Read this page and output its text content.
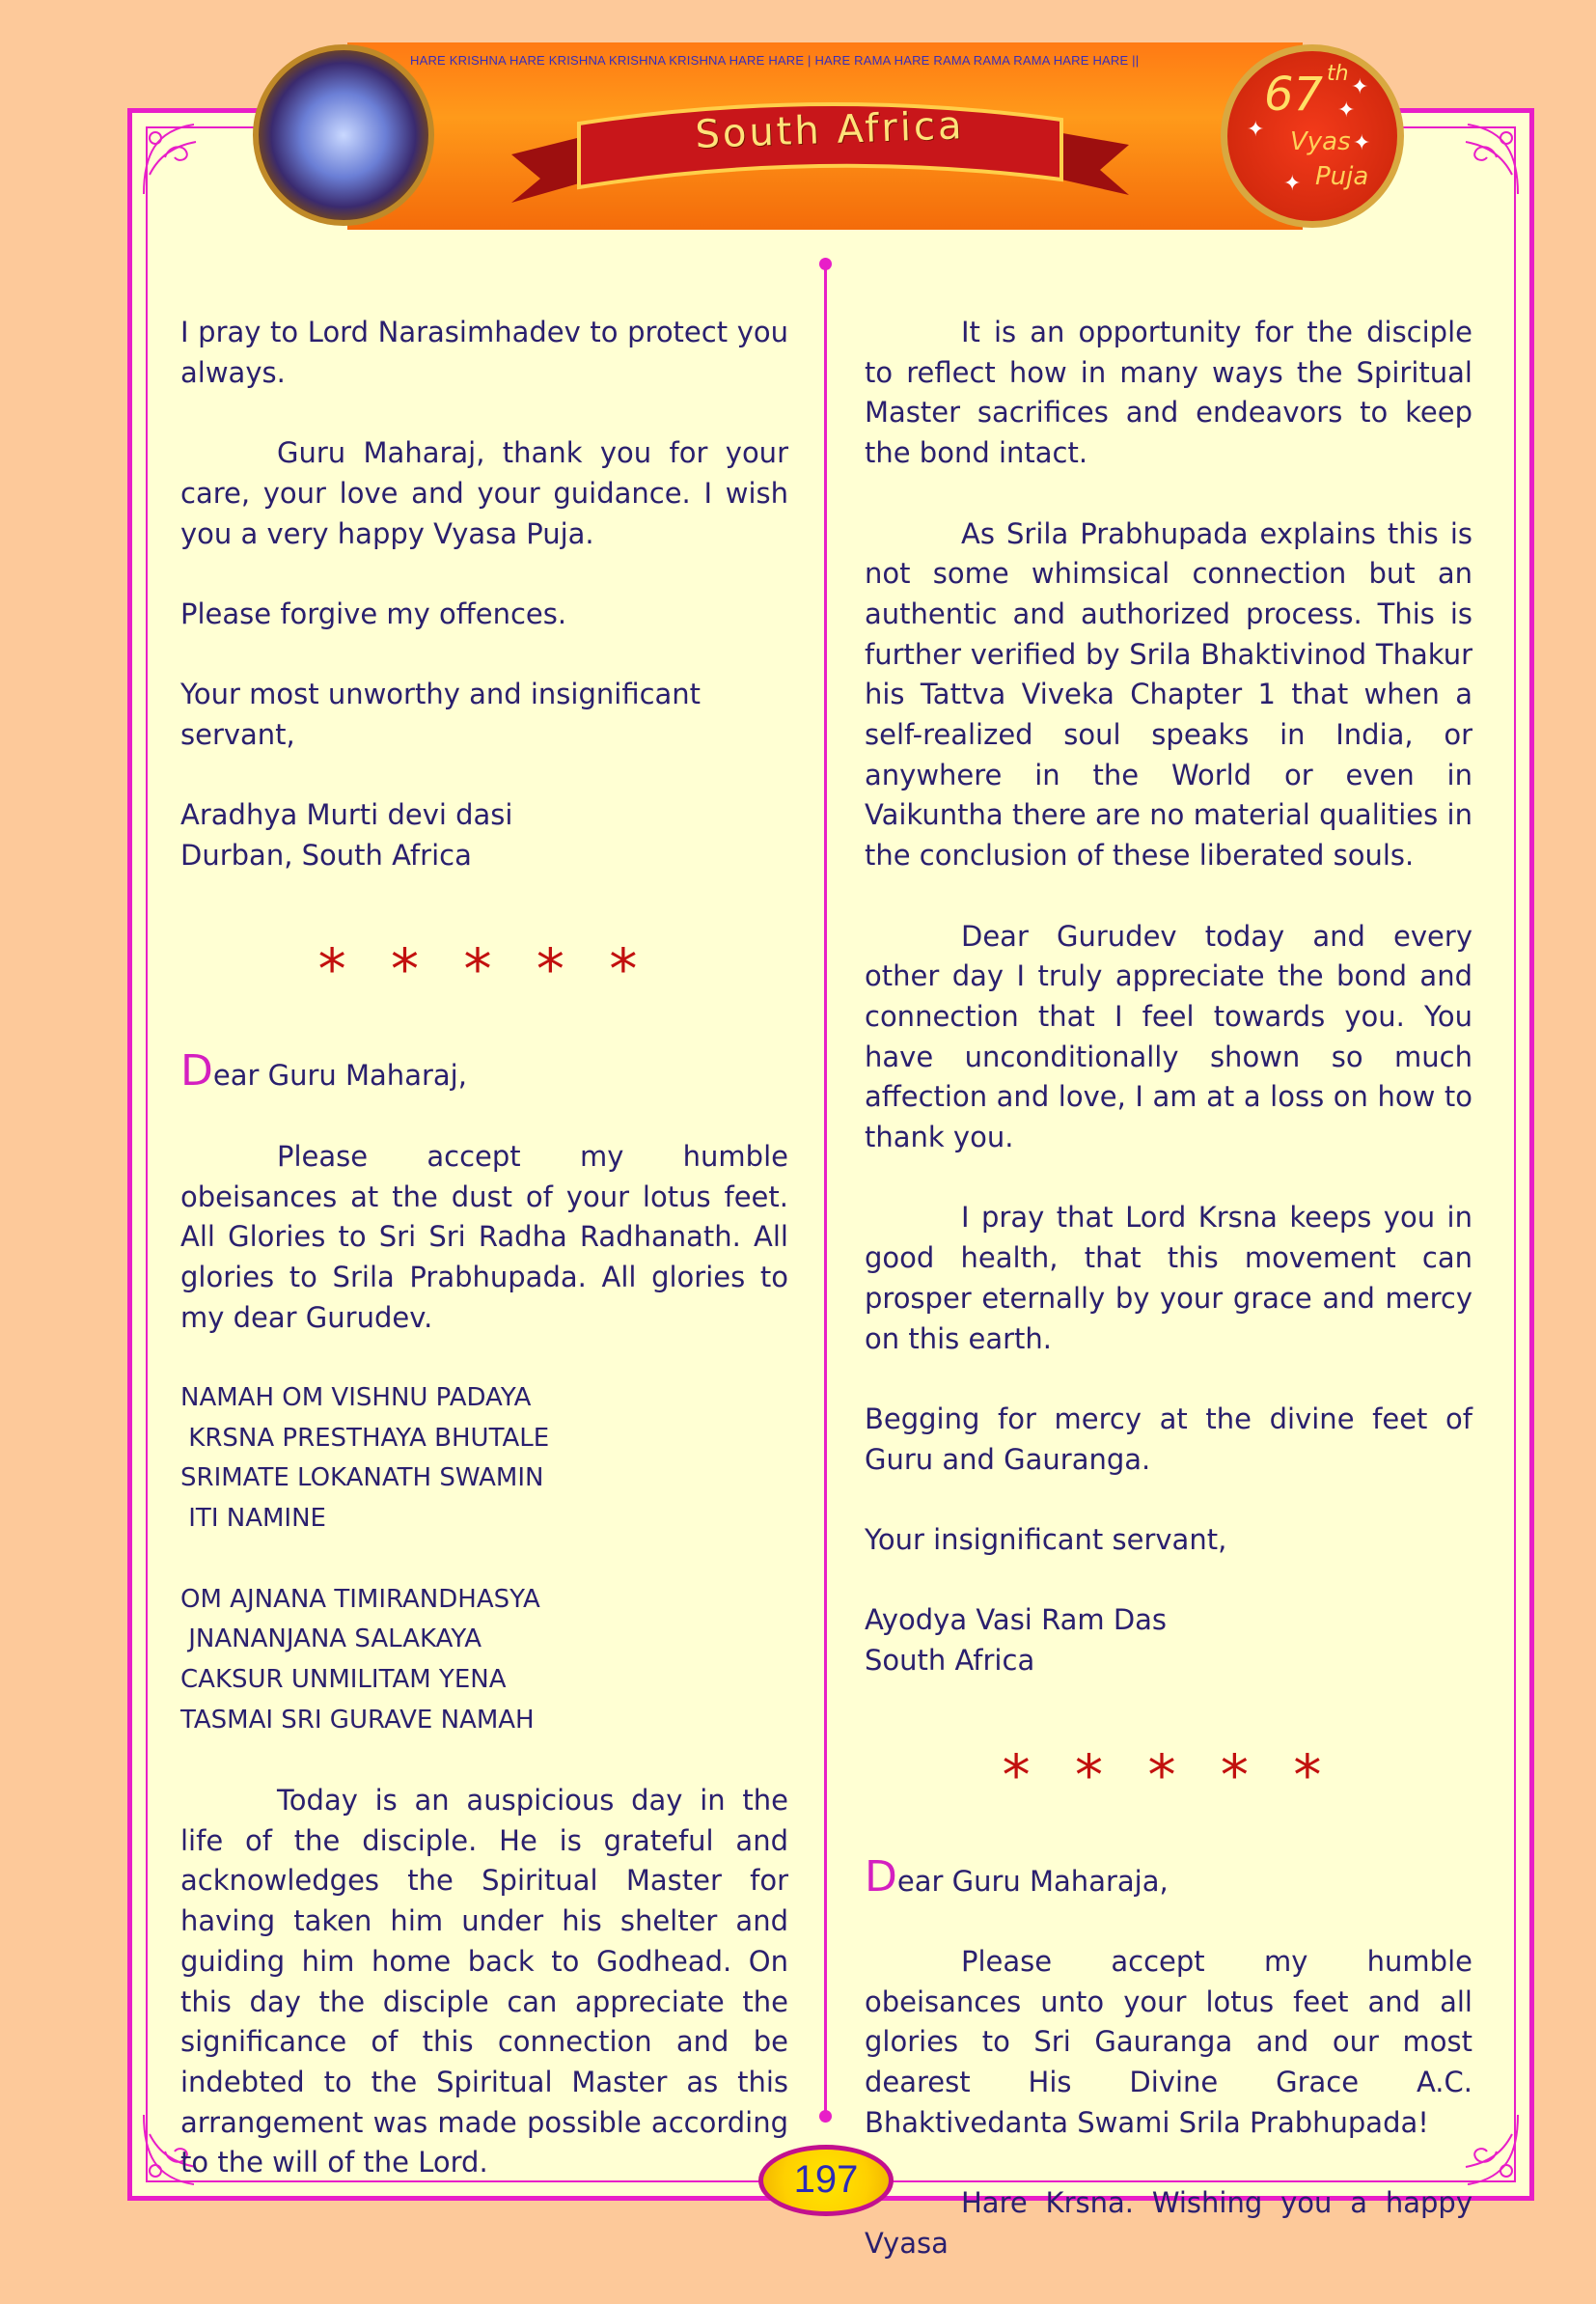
HARE KRISHNA HARE KRISHNA KRISHNA KRISHNA HARE HARE | HARE RAMA HARE RAMA RAMA RAMA HARE HARE ||
South Africa
67 th
Vyas
Puja
✦
✦
✦
✦
✦

I pray to Lord Narasimhadev to protect you always.

Guru Maharaj, thank you for your care, your love and your guidance. I wish you a very happy Vyasa Puja.

Please forgive my offences.

Your most unworthy and insignificant servant,

Aradhya Murti devi dasi
Durban, South Africa

* * * * *

Dear Guru Maharaj,

Please accept my humble obeisances at the dust of your lotus feet. All Glories to Sri Sri Radha Radhanath. All glories to Srila Prabhupada. All glories to my dear Gurudev.

NAMAH OM VISHNU PADAYA
KRSNA PRESTHAYA BHUTALE
SRIMATE LOKANATH SWAMIN
ITI NAMINE
OM AJNANA TIMIRANDHASYA
JNANANJANA SALAKAYA
CAKSUR UNMILITAM YENA
TASMAI SRI GURAVE NAMAH

Today is an auspicious day in the life of the disciple. He is grateful and acknowledges the Spiritual Master for having taken him under his shelter and guiding him home back to Godhead. On this day the disciple can appreciate the significance of this connection and be indebted to the Spiritual Master as this arrangement was made possible according to the will of the Lord.

It is an opportunity for the disciple to reflect how in many ways the Spiritual Master sacrifices and endeavors to keep the bond intact.

As Srila Prabhupada explains this is not some whimsical connection but an authentic and authorized process. This is further verified by Srila Bhaktivinod Thakur his Tattva Viveka Chapter 1 that when a self-realized soul speaks in India, or anywhere in the World or even in Vaikuntha there are no material qualities in the conclusion of these liberated souls.

Dear Gurudev today and every other day I truly appreciate the bond and connection that I feel towards you. You have unconditionally shown so much affection and love, I am at a loss on how to thank you.

I pray that Lord Krsna keeps you in good health, that this movement can prosper eternally by your grace and mercy on this earth.

Begging for mercy at the divine feet of Guru and Gauranga.

Your insignificant servant,

Ayodya Vasi Ram Das
South Africa

* * * * *

Dear Guru Maharaja,

Please accept my humble obeisances unto your lotus feet and all glories to Sri Gauranga and our most dearest His Divine Grace A.C. Bhaktivedanta Swami Srila Prabhupada!

Hare Krsna. Wishing you a happy Vyasa

197
